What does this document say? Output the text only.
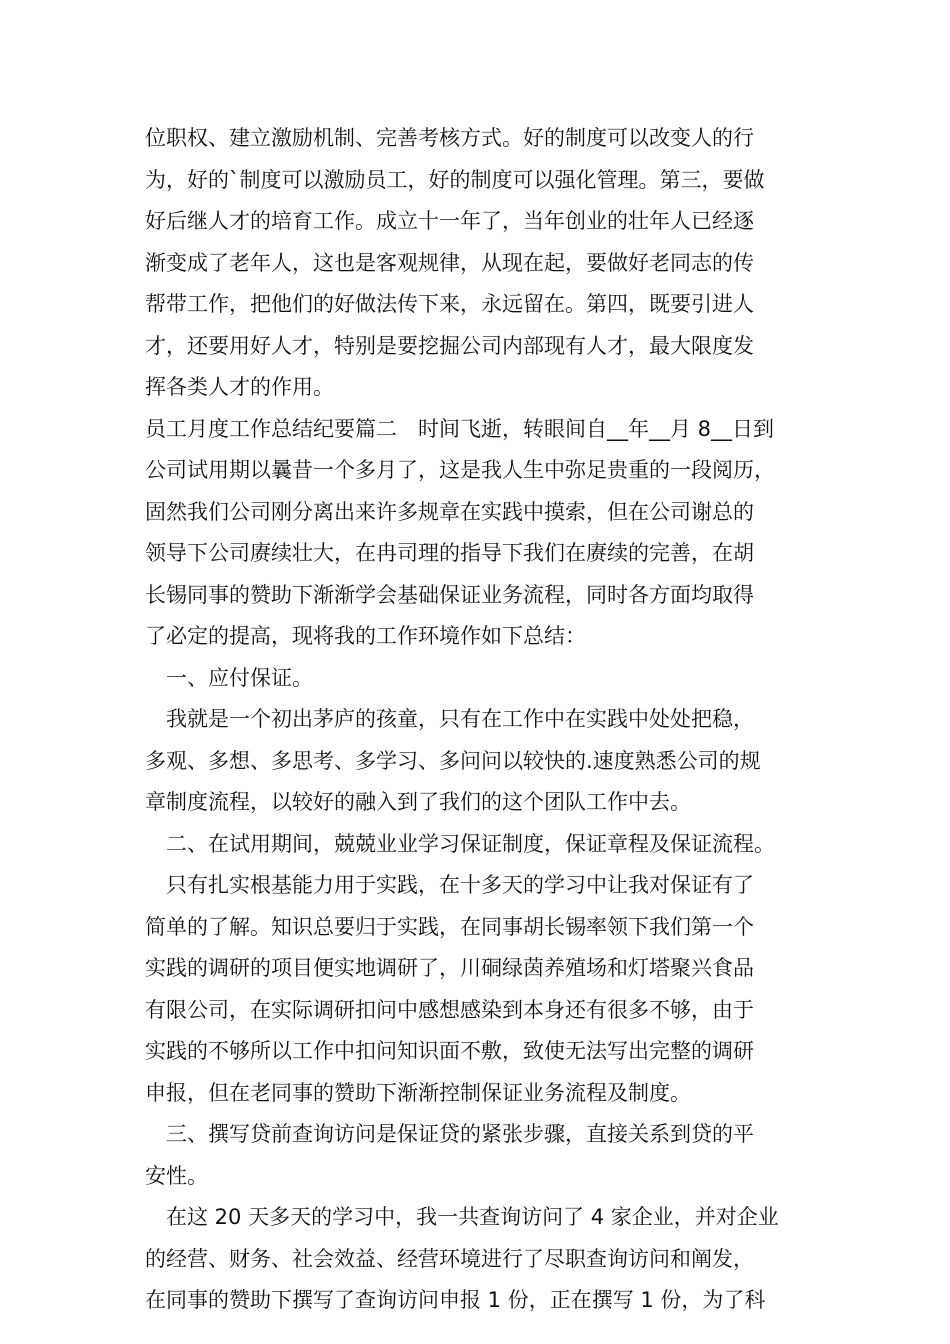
位职权、建立激励机制、完善考核方式。好的制度可以改变人的行
为，好的`制度可以激励员工，好的制度可以强化管理。第三，要做
好后继人才的培育工作。成立十一年了，当年创业的壮年人已经逐
渐变成了老年人，这也是客观规律，从现在起，要做好老同志的传
帮带工作，把他们的好做法传下来，永远留在。第四，既要引进人
才，还要用好人才，特别是要挖掘公司内部现有人才，最大限度发
挥各类人才的作用。
员工月度工作总结纪要篇二　时间飞逝，转眼间自__年__月 8__日到
公司试用期以曩昔一个多月了，这是我人生中弥足贵重的一段阅历，
固然我们公司刚分离出来许多规章在实践中摸索，但在公司谢总的
领导下公司赓续壮大，在冉司理的指导下我们在赓续的完善，在胡
长锡同事的赞助下渐渐学会基础保证业务流程，同时各方面均取得
了必定的提高，现将我的工作环境作如下总结：
　一、应付保证。
　我就是一个初出茅庐的孩童，只有在工作中在实践中处处把稳，
多观、多想、多思考、多学习、多问问以较快的.速度熟悉公司的规
章制度流程，以较好的融入到了我们的这个团队工作中去。
　二、在试用期间，兢兢业业学习保证制度，保证章程及保证流程。
　只有扎实根基能力用于实践，在十多天的学习中让我对保证有了
简单的了解。知识总要归于实践，在同事胡长锡率领下我们第一个
实践的调研的项目便实地调研了，川硐绿茵养殖场和灯塔聚兴食品
有限公司，在实际调研扣问中感想感染到本身还有很多不够，由于
实践的不够所以工作中扣问知识面不敷，致使无法写出完整的调研
申报，但在老同事的赞助下渐渐控制保证业务流程及制度。
　三、撰写贷前查询访问是保证贷的紧张步骤，直接关系到贷的平
安性。
　在这 20 天多天的学习中，我一共查询访问了 4 家企业，并对企业
的经营、财务、社会效益、经营环境进行了尽职查询访问和阐发，
在同事的赞助下撰写了查询访问申报 1 份，正在撰写 1 份，为了科
